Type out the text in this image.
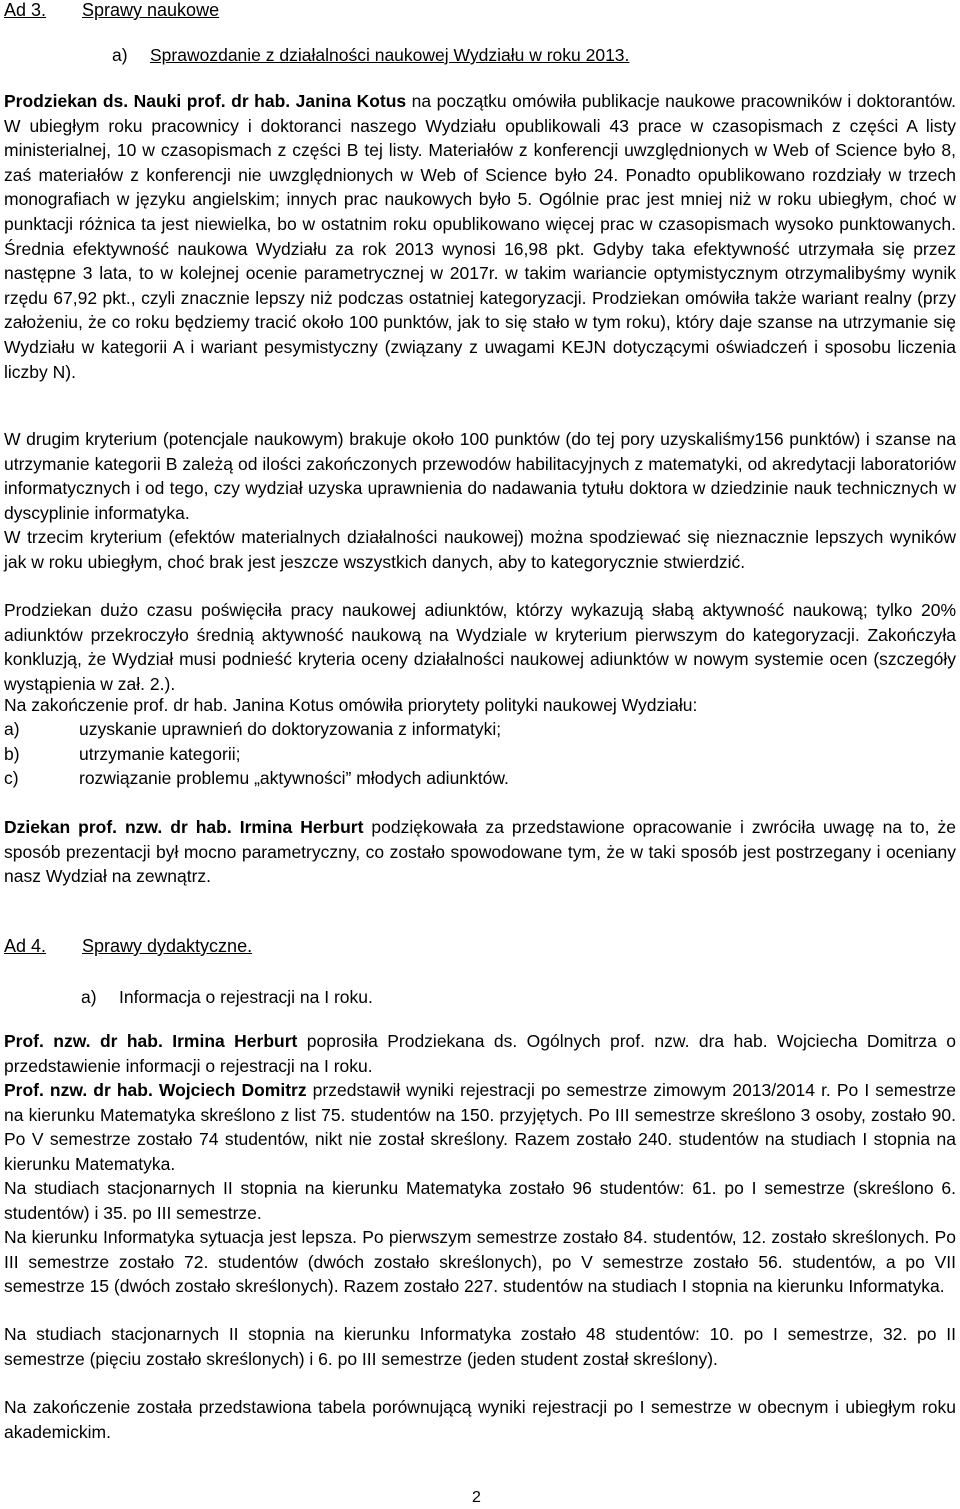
Ad 3. Sprawy naukowe
a) Sprawozdanie z działalności naukowej Wydziału w roku 2013.

Prodziekan ds. Nauki prof. dr hab. Janina Kotus na początku omówiła publikacje naukowe pracowników i doktorantów. W ubiegłym roku pracownicy i doktoranci naszego Wydziału opublikowali 43 prace w czasopismach z części A listy ministerialnej, 10 w czasopismach z części B tej listy. Materiałów z konferencji uwzględnionych w Web of Science było 8, zaś materiałów z konferencji nie uwzględnionych w Web of Science było 24. Ponadto opublikowano rozdziały w trzech monografiach w języku angielskim; innych prac naukowych było 5. Ogólnie prac jest mniej niż w roku ubiegłym, choć w punktacji różnica ta jest niewielka, bo w ostatnim roku opublikowano więcej prac w czasopismach wysoko punktowanych. Średnia efektywność naukowa Wydziału za rok 2013 wynosi 16,98 pkt. Gdyby taka efektywność utrzymała się przez następne 3 lata, to w kolejnej ocenie parametrycznej w 2017r. w takim wariancie optymistycznym otrzymalibyśmy wynik rzędu 67,92 pkt., czyli znacznie lepszy niż podczas ostatniej kategoryzacji. Prodziekan omówiła także wariant realny (przy założeniu, że co roku będziemy tracić około 100 punktów, jak to się stało w tym roku), który daje szanse na utrzymanie się Wydziału w kategorii A i wariant pesymistyczny (związany z uwagami KEJN dotyczącymi oświadczeń i sposobu liczenia liczby N).

W drugim kryterium (potencjale naukowym) brakuje około 100 punktów (do tej pory uzyskaliśmy156 punktów) i szanse na utrzymanie kategorii B zależą od ilości zakończonych przewodów habilitacyjnych z matematyki, od akredytacji laboratoriów informatycznych i od tego, czy wydział uzyska uprawnienia do nadawania tytułu doktora w dziedzinie nauk technicznych w dyscyplinie informatyka.

W trzecim kryterium (efektów materialnych działalności naukowej) można spodziewać się nieznacznie lepszych wyników jak w roku ubiegłym, choć brak jest jeszcze wszystkich danych, aby to kategorycznie stwierdzić.

Prodziekan dużo czasu poświęciła pracy naukowej adiunktów, którzy wykazują słabą aktywność naukową; tylko 20% adiunktów przekroczyło średnią aktywność naukową na Wydziale w kryterium pierwszym do kategoryzacji. Zakończyła konkluzją, że Wydział musi podnieść kryteria oceny działalności naukowej adiunktów w nowym systemie ocen (szczegóły wystąpienia w zał. 2.).

Na zakończenie prof. dr hab. Janina Kotus omówiła priorytety polityki naukowej Wydziału:

a)	uzyskanie uprawnień do doktoryzowania z informatyki;
b)	utrzymanie kategorii;
c)	rozwiązanie problemu „aktywności” młodych adiunktów.

Dziekan prof. nzw. dr hab. Irmina Herburt podziękowała za przedstawione opracowanie i zwróciła uwagę na to, że sposób prezentacji był mocno parametryczny, co zostało spowodowane tym, że w taki sposób jest postrzegany i oceniany nasz Wydział na zewnątrz.

Ad 4. Sprawy dydaktyczne.
a) Informacja o rejestracji na I roku.

Prof. nzw. dr hab. Irmina Herburt poprosiła Prodziekana ds. Ogólnych prof. nzw. dra hab. Wojciecha Domitrza o przedstawienie informacji o rejestracji na I roku.

Prof. nzw. dr hab. Wojciech Domitrz przedstawił wyniki rejestracji po semestrze zimowym 2013/2014 r. Po I semestrze na kierunku Matematyka skreślono z list 75. studentów na 150. przyjętych. Po III semestrze skreślono 3 osoby, zostało 90. Po V semestrze zostało 74 studentów, nikt nie został skreślony. Razem zostało 240. studentów na studiach I stopnia na kierunku Matematyka.

Na studiach stacjonarnych II stopnia na kierunku Matematyka zostało 96 studentów: 61. po I semestrze (skreślono 6. studentów) i 35. po III semestrze.

Na kierunku Informatyka sytuacja jest lepsza. Po pierwszym semestrze zostało 84. studentów, 12. zostało skreślonych. Po III semestrze zostało 72. studentów (dwóch zostało skreślonych), po V semestrze zostało 56. studentów, a po VII semestrze 15 (dwóch zostało skreślonych). Razem zostało 227. studentów na studiach I stopnia na kierunku Informatyka.

Na studiach stacjonarnych II stopnia na kierunku Informatyka zostało 48 studentów: 10. po I semestrze, 32. po II semestrze (pięciu zostało skreślonych) i 6. po III semestrze (jeden student został skreślony).

Na zakończenie została przedstawiona tabela porównującą wyniki rejestracji po I semestrze w obecnym i ubiegłym roku akademickim.

2
